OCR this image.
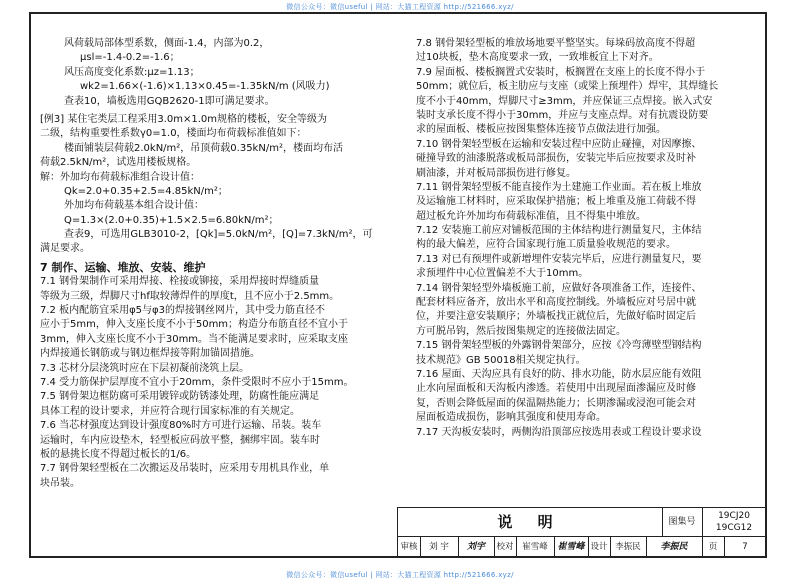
微信公众号：微信useful | 网站：大猫工程资源 http://521666.xyz/
风荷载局部体型系数，侧面-1.4，内部为0.2，
μsl=-1.4-0.2=-1.6；
风压高度变化系数:μz=1.13；
wk2=1.66×(-1.6)×1.13×0.45=-1.35kN/m (风吸力)
查表10，墙板选用GQB2620-1即可满足要求。
[例3] 某住宅类层工程采用3.0m×1.0m规格的楼板，安全等级为
二级，结构重要性系数γ0=1.0，楼面均布荷载标准值如下：
楼面铺装层荷载2.0kN/m²，吊顶荷载0.35kN/m²，楼面均布活
荷载2.5kN/m²，试选用楼板规格。
解：外加均布荷载标准组合设计值：
Qk=2.0+0.35+2.5=4.85kN/m²；
外加均布荷载基本组合设计值：
Q=1.3×(2.0+0.35)+1.5×2.5=6.80kN/m²；
查表9，可选用GLB3010-2，[Qk]=5.0kN/m²，[Q]=7.3kN/m²，可
满足要求。
7 制作、运输、堆放、安装、维护
7.1 钢骨架制作可采用焊接、栓接或铆接，采用焊接时焊缝质量
等级为三级，焊脚尺寸hf取较薄焊件的厚度t，且不应小于2.5mm。
7.2 板内配筋宜采用φ5与φ3的焊接钢丝网片，其中受力筋直径不
应小于5mm，伸入支座长度不小于50mm；构造分布筋直径不宜小于
3mm，伸入支座长度不小于30mm。当不能满足要求时，应采取支座
内焊接通长钢筋或与钢边框焊接等附加锚固措施。
7.3 芯材分层浇筑时应在下层初凝前浇筑上层。
7.4 受力筋保护层厚度不宜小于20mm，条件受限时不应小于15mm。
7.5 钢骨架边框防腐可采用镀锌或防锈漆处理，防腐性能应满足
具体工程的设计要求，并应符合现行国家标准的有关规定。
7.6 当芯材强度达到设计强度80%时方可进行运输、吊装。装车
运输时，车内应设垫木，轻型板应码放平整，捆绑牢固。装车时
板的悬挑长度不得超过板长的1/6。
7.7 钢骨架轻型板在二次搬运及吊装时，应采用专用机具作业，单
块吊装。
7.8 钢骨架轻型板的堆放场地要平整坚实。每垛码放高度不得超
过10块板，垫木高度要求一致，一致堆板宜上下对齐。
7.9 屋面板、楼板搁置式安装时，板搁置在支座上的长度不得小于
50mm；就位后，板主肋应与支座（或梁上预埋件）焊牢，其焊缝长
度不小于40mm，焊脚尺寸≥3mm，并应保证三点焊接。嵌入式安
装时支承长度不得小于30mm，并应与支座点焊。对有抗震设防要
求的屋面板、楼板应按图集整体连接节点做法进行加强。
7.10 钢骨架轻型板在运输和安装过程中应防止碰撞，对因摩擦、
碰撞导致的油漆脱落或板局部损伤，安装完毕后应按要求及时补
刷油漆，并对板局部损伤进行修复。
7.11 钢骨架轻型板不能直接作为土建施工作业面。若在板上堆放
及运输施工材料时，应采取保护措施；板上堆重及施工荷载不得
超过板允许外加均布荷载标准值，且不得集中堆放。
7.12 安装施工前应对铺板范围的主体结构进行测量复尺，主体结
构的最大偏差，应符合国家现行施工质量验收规范的要求。
7.13 对已有预埋件或新增埋件安装完毕后，应进行测量复尺，要
求预埋件中心位置偏差不大于10mm。
7.14 钢骨架轻型外墙板施工前，应做好各项准备工作，连接件、
配套材料应备齐，放出水平和高度控制线。外墙板应对号居中就
位，并要注意安装顺序；外墙板找正就位后，先做好临时固定后
方可脱吊钩，然后按图集规定的连接做法固定。
7.15 钢骨架轻型板的外露钢骨架部分，应按《冷弯薄壁型钢结构
技术规范》GB 50018相关规定执行。
7.16 屋面、天沟应具有良好的防、排水功能，防水层应能有效阻
止水向屋面板和天沟板内渗透。若使用中出现屋面渗漏应及时修
复，否则会降低屋面的保温隔热能力；长期渗漏或浸泡可能会对
屋面板造成损伤，影响其强度和使用寿命。
7.17 天沟板安装时，两侧沟沿顶部应按选用表或工程设计要求设
说 明	图集号
19CJ20
19CG12
审核	刘 宇	刘宇	校对	崔雪峰	崔雪峰 设计 李振民	李振民	页	7
微信公众号：微信useful | 网站：大猫工程资源 http://521666.xyz/
